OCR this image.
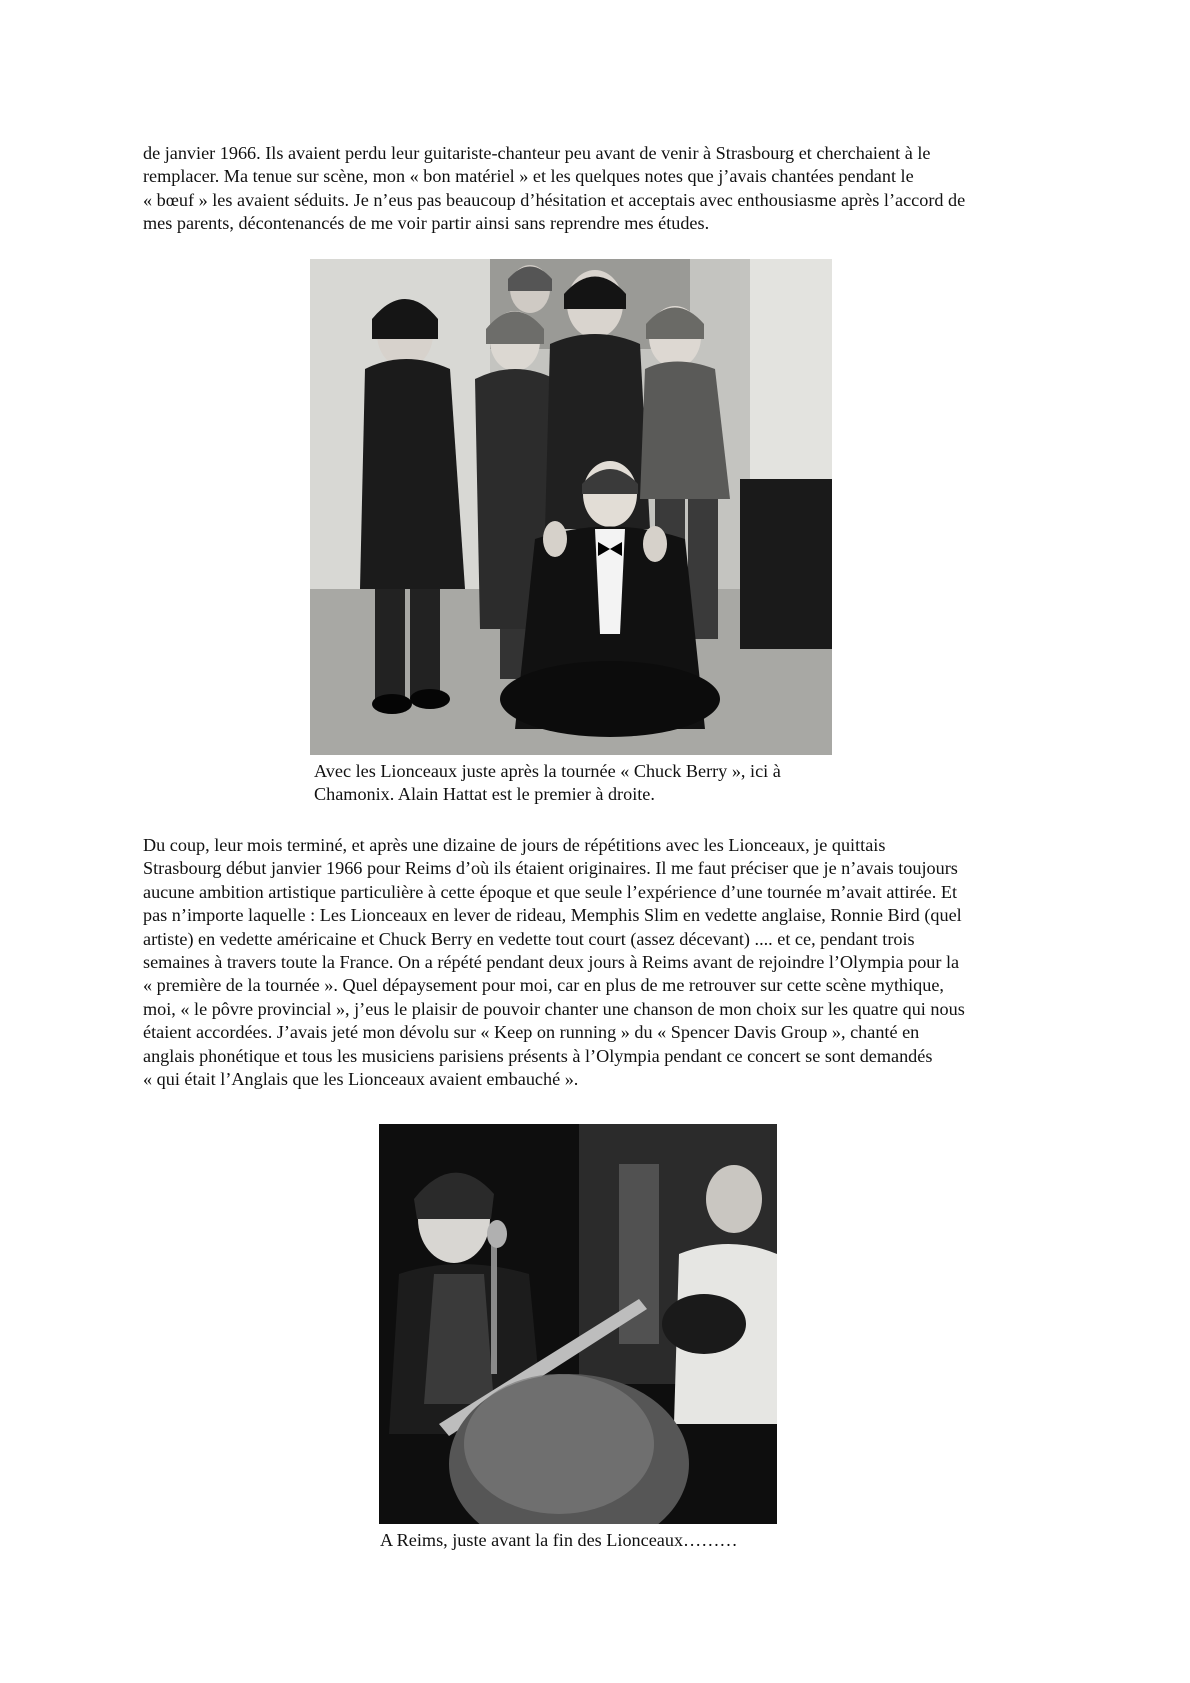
de janvier 1966. Ils avaient perdu leur guitariste-chanteur peu avant de venir à Strasbourg et cherchaient à le
remplacer. Ma tenue sur scène, mon « bon matériel » et les quelques notes que j’avais chantées pendant le
« bœuf » les avaient séduits. Je n’eus pas beaucoup d’hésitation et acceptais avec enthousiasme après l’accord de
mes parents, décontenancés de me voir partir ainsi sans reprendre mes études.
Avec les Lionceaux juste après la tournée « Chuck Berry », ici à
Chamonix. Alain Hattat est le premier à droite.
Du coup, leur mois terminé, et après une dizaine de jours de répétitions avec les Lionceaux, je quittais
Strasbourg début janvier 1966 pour Reims d’où ils étaient originaires. Il me faut préciser que je n’avais toujours
aucune ambition artistique particulière à cette époque et que seule l’expérience d’une tournée m’avait attirée. Et
pas n’importe laquelle : Les Lionceaux en lever de rideau, Memphis Slim en vedette anglaise, Ronnie Bird (quel
artiste) en vedette américaine et Chuck Berry en vedette tout court (assez décevant) .... et ce, pendant trois
semaines à travers toute la France. On a répété pendant deux jours à Reims avant de rejoindre l’Olympia pour la
« première de la tournée ». Quel dépaysement pour moi, car en plus de me retrouver sur cette scène mythique,
moi, « le pôvre provincial », j’eus le plaisir de pouvoir chanter une chanson de mon choix sur les quatre qui nous
étaient accordées. J’avais jeté mon dévolu sur « Keep on running » du « Spencer Davis Group », chanté en
anglais phonétique et tous les musiciens parisiens présents à l’Olympia pendant ce concert se sont demandés
« qui était l’Anglais que les Lionceaux avaient embauché ».
A Reims, juste avant la fin des Lionceaux………
